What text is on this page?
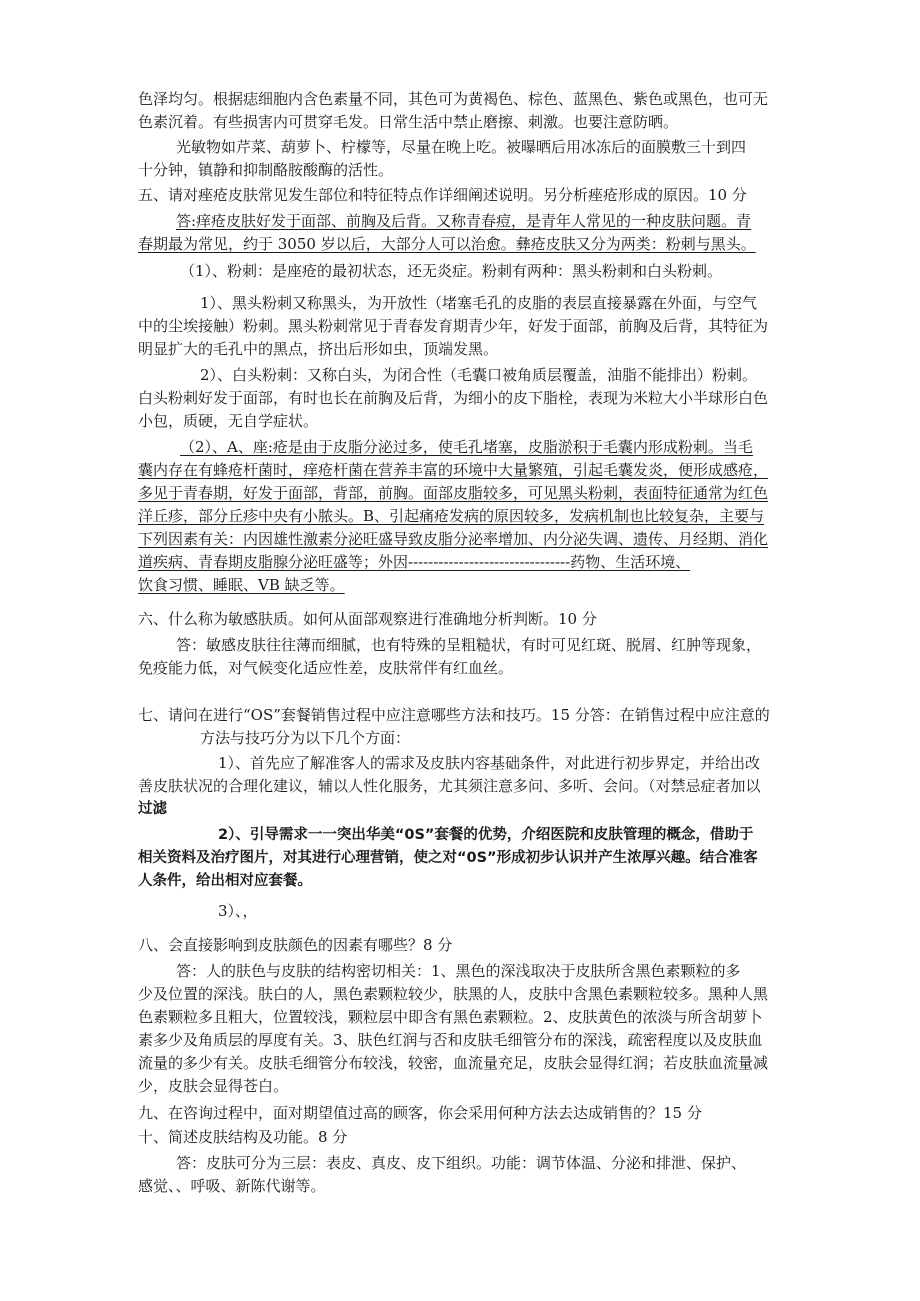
色泽均匀。根据痣细胞内含色素量不同，其色可为黄褐色、棕色、蓝黑色、紫色或黑色，也可无
色素沉着。有些损害内可贯穿毛发。日常生活中禁止磨擦、刺激。也要注意防晒。
光敏物如芹菜、葫萝卜、柠檬等，尽量在晚上吃。被曝晒后用冰冻后的面膜敷三十到四
十分钟，镇静和抑制酪胺酸酶的活性。
五、请对痤疮皮肤常见发生部位和特征特点作详细阐述说明。另分析痤疮形成的原因。10 分
答:痒疮皮肤好发于面部、前胸及后背。又称青春痘，是青年人常见的一种皮肤问题。青
春期最为常见，约于 3050 岁以后，大部分人可以治愈。彝疮皮肤又分为两类：粉刺与黑头。
（1）、粉刺：是座疮的最初状态，还无炎症。粉刺有两种：黑头粉刺和白头粉刺。
1）、黑头粉刺又称黑头，为开放性（堵塞毛孔的皮脂的表层直接暴露在外面，与空气
中的尘埃接触）粉刺。黑头粉刺常见于青春发育期青少年，好发于面部，前胸及后背，其特征为
明显扩大的毛孔中的黑点，挤出后形如虫，顶端发黑。
2）、白头粉刺：又称白头，为闭合性（毛囊口被角质层覆盖，油脂不能排出）粉刺。
白头粉刺好发于面部，有时也长在前胸及后背，为细小的皮下脂栓，表现为米粒大小半球形白色
小包，质硬，无自学症状。
（2）、A、座:疮是由于皮脂分泌过多，使毛孔堵塞，皮脂淤积于毛囊内形成粉刺。当毛
囊内存在有蜂疮杆菌时，痒疮杆菌在营养丰富的环境中大量繁殖，引起毛囊发炎，便形成感疮，
多见于青春期，好发于面部，背部，前胸。面部皮脂较多，可见黑头粉刺，表面特征通常为红色
洋丘疹，部分丘疹中央有小脓头。B、引起痛疮发病的原因较多，发病机制也比较复杂，主要与
下列因素有关：内因雄性激素分泌旺盛导致皮脂分泌率增加、内分泌失调、遗传、月经期、消化
道疾病、青春期皮脂腺分泌旺盛等；外因--------------------------------药物、生活环境、
饮食习惯、睡眠、VB 缺乏等。
六、什么称为敏感肤质。如何从面部观察进行准确地分析判断。10 分
答：敏感皮肤往往薄而细腻，也有特殊的呈粗糙状，有时可见红斑、脱屑、红肿等现象，
免疫能力低，对气候变化适应性差，皮肤常伴有红血丝。
七、请问在进行“OS”套餐销售过程中应注意哪些方法和技巧。15 分答：在销售过程中应注意的
方法与技巧分为以下几个方面：
1）、首先应了解准客人的需求及皮肤内容基础条件，对此进行初步界定，并给出改
善皮肤状况的合理化建议，辅以人性化服务，尤其须注意多问、多听、会问。（对禁忌症者加以
过滤
2）、引导需求一一突出华美“0S”套餐的优势，介绍医院和皮肤管理的概念，借助于
相关资料及治疗图片，对其进行心理营销，使之对“0S”形成初步认识并产生浓厚兴趣。结合准客
人条件，给出相对应套餐。
3）、，
八、会直接影响到皮肤颜色的因素有哪些？8 分
答：人的肤色与皮肤的结构密切相关：1、黑色的深浅取决于皮肤所含黑色素颗粒的多
少及位置的深浅。肤白的人，黑色素颗粒较少，肤黑的人，皮肤中含黑色素颗粒较多。黑种人黑
色素颗粒多且粗大，位置较浅，颗粒层中即含有黑色素颗粒。2、皮肤黄色的浓淡与所含胡萝卜
素多少及角质层的厚度有关。3、肤色红润与否和皮肤毛细管分布的深浅，疏密程度以及皮肤血
流量的多少有关。皮肤毛细管分布较浅，较密，血流量充足，皮肤会显得红润；若皮肤血流量减
少，皮肤会显得苍白。
九、在咨询过程中，面对期望值过高的顾客，你会采用何种方法去达成销售的？15 分
十、简述皮肤结构及功能。8 分
答：皮肤可分为三层：表皮、真皮、皮下组织。功能：调节体温、分泌和排泄、保护、
感觉、、呼吸、新陈代谢等。
